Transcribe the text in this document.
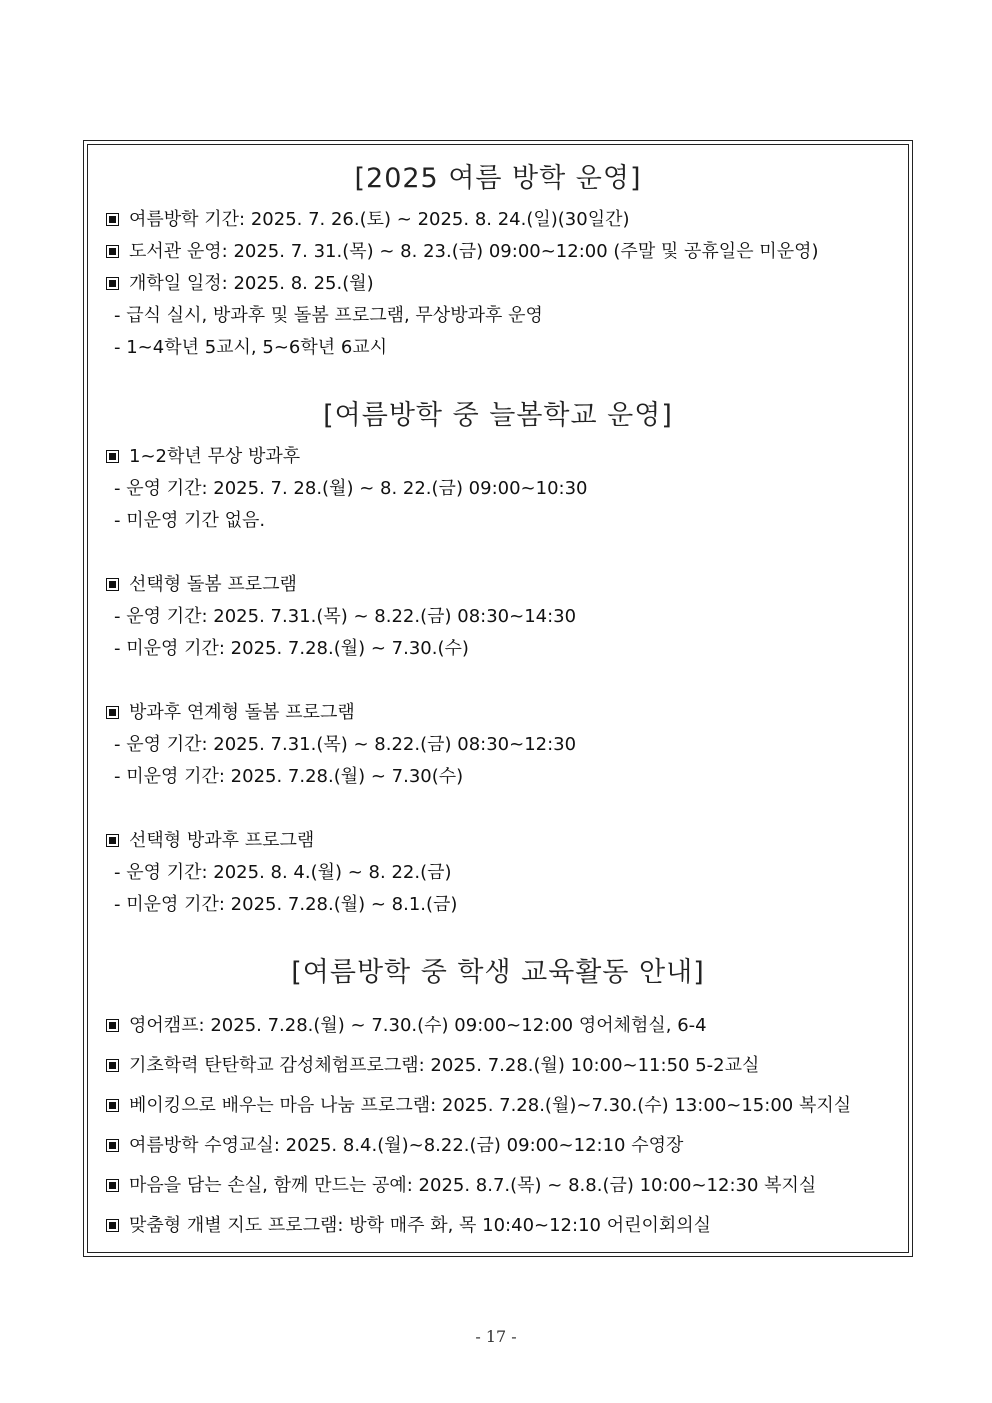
[2025 여름 방학 운영]
여름방학 기간: 2025. 7. 26.(토) ~ 2025. 8. 24.(일)(30일간)
도서관 운영: 2025. 7. 31.(목) ~ 8. 23.(금) 09:00~12:00 (주말 및 공휴일은 미운영)
개학일 일정: 2025. 8. 25.(월)
- 급식 실시, 방과후 및 돌봄 프로그램, 무상방과후 운영
- 1~4학년 5교시, 5~6학년 6교시
[여름방학 중 늘봄학교 운영]
1~2학년 무상 방과후
- 운영 기간: 2025. 7. 28.(월) ~ 8. 22.(금) 09:00~10:30
- 미운영 기간 없음.
선택형 돌봄 프로그램
- 운영 기간: 2025. 7.31.(목) ~ 8.22.(금) 08:30~14:30
- 미운영 기간: 2025. 7.28.(월) ~ 7.30.(수)
방과후 연계형 돌봄 프로그램
- 운영 기간: 2025. 7.31.(목) ~ 8.22.(금) 08:30~12:30
- 미운영 기간: 2025. 7.28.(월) ~ 7.30(수)
선택형 방과후 프로그램
- 운영 기간: 2025. 8. 4.(월) ~ 8. 22.(금)
- 미운영 기간: 2025. 7.28.(월) ~ 8.1.(금)
[여름방학 중 학생 교육활동 안내]
영어캠프: 2025. 7.28.(월) ~ 7.30.(수) 09:00~12:00 영어체험실, 6-4
기초학력 탄탄학교 감성체험프로그램: 2025. 7.28.(월) 10:00~11:50 5-2교실
베이킹으로 배우는 마음 나눔 프로그램: 2025. 7.28.(월)~7.30.(수) 13:00~15:00 복지실
여름방학 수영교실: 2025. 8.4.(월)~8.22.(금) 09:00~12:10 수영장
마음을 담는 손실, 함께 만드는 공예: 2025. 8.7.(목) ~ 8.8.(금) 10:00~12:30 복지실
맞춤형 개별 지도 프로그램: 방학 매주 화, 목 10:40~12:10 어린이회의실
- 17 -
